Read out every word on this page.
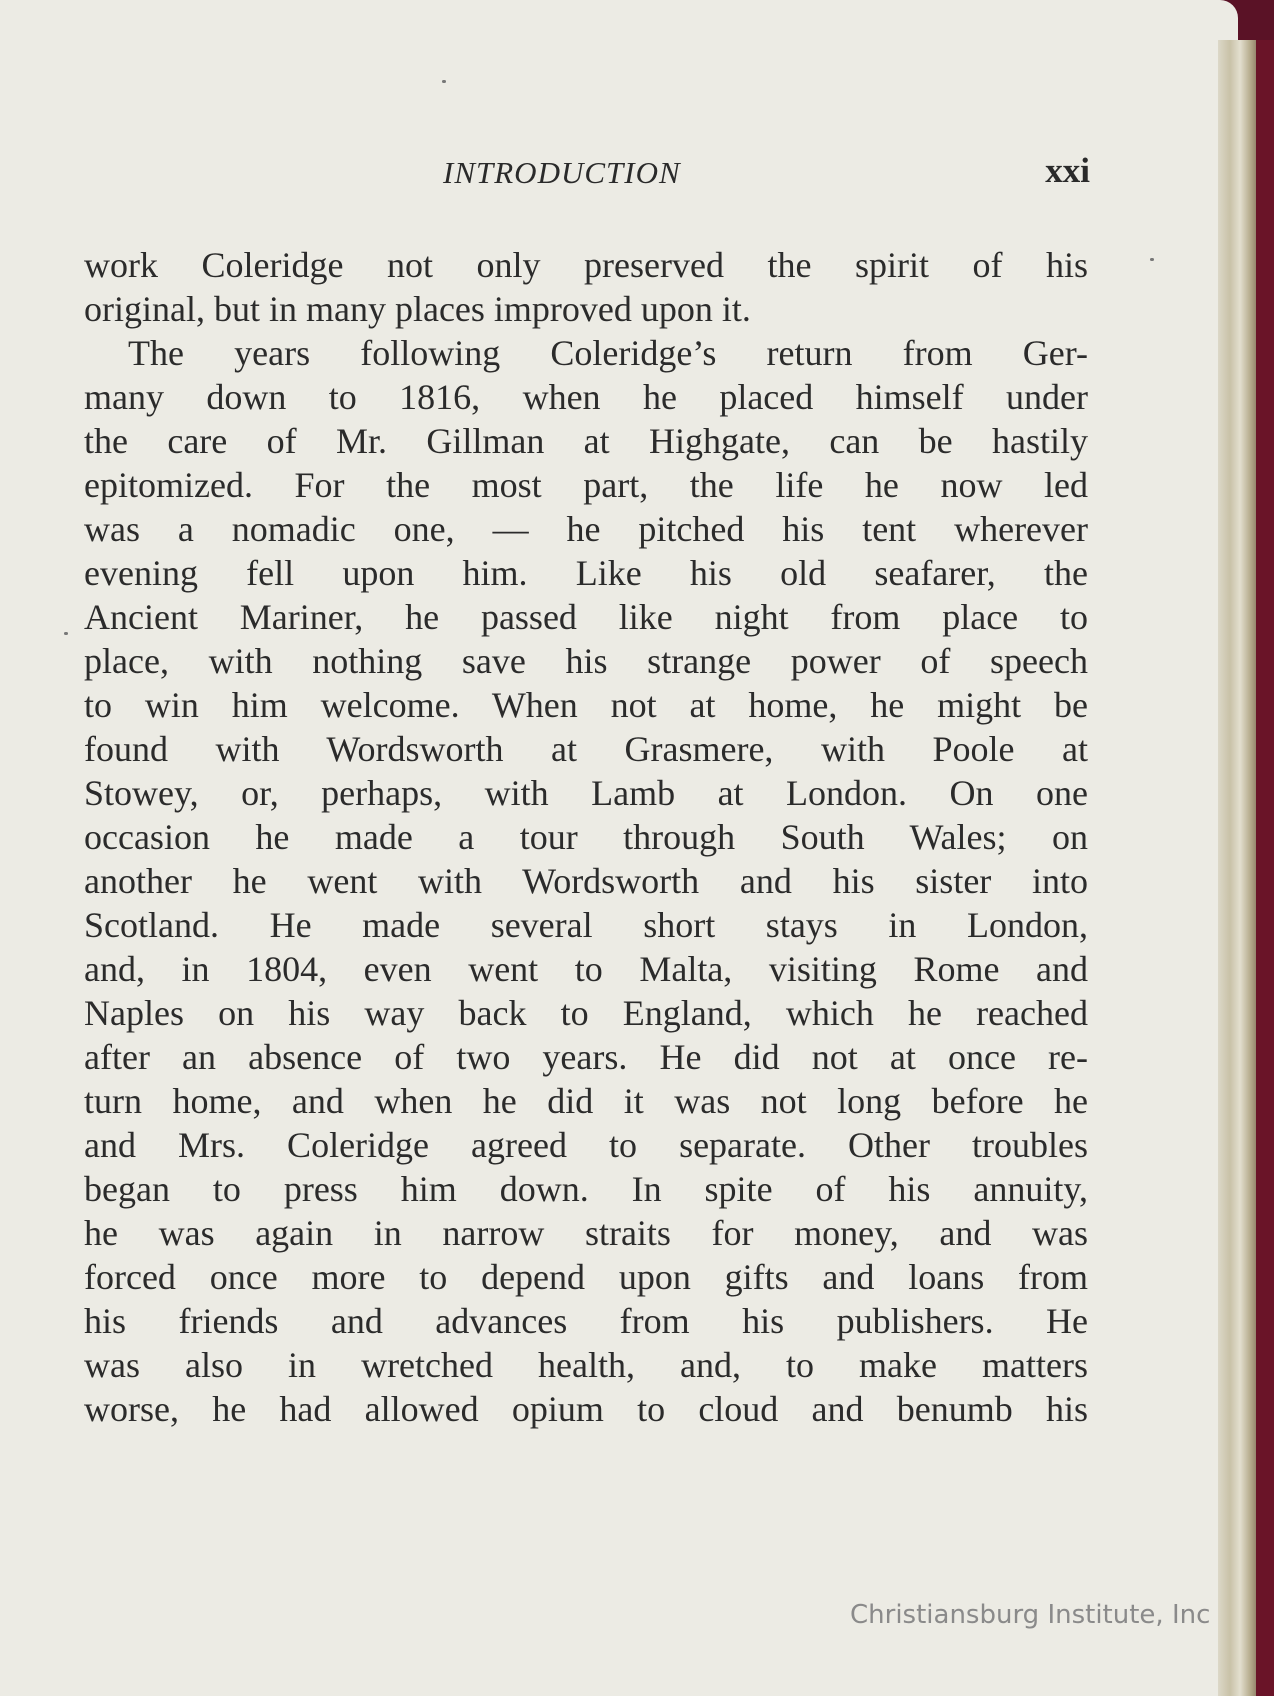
INTRODUCTION	xxi
work Coleridge not only preserved the spirit of his
original, but in many places improved upon it.
The years following Coleridge’s return from Ger-
many down to 1816, when he placed himself under
the care of Mr. Gillman at Highgate, can be hastily
epitomized. For the most part, the life he now led
was a nomadic one, — he pitched his tent wherever
evening fell upon him. Like his old seafarer, the
Ancient Mariner, he passed like night from place to
place, with nothing save his strange power of speech
to win him welcome. When not at home, he might be
found with Wordsworth at Grasmere, with Poole at
Stowey, or, perhaps, with Lamb at London. On one
occasion he made a tour through South Wales; on
another he went with Wordsworth and his sister into
Scotland. He made several short stays in London,
and, in 1804, even went to Malta, visiting Rome and
Naples on his way back to England, which he reached
after an absence of two years. He did not at once re-
turn home, and when he did it was not long before he
and Mrs. Coleridge agreed to separate. Other troubles
began to press him down. In spite of his annuity,
he was again in narrow straits for money, and was
forced once more to depend upon gifts and loans from
his friends and advances from his publishers. He
was also in wretched health, and, to make matters
worse, he had allowed opium to cloud and benumb his
Christiansburg Institute, Inc
